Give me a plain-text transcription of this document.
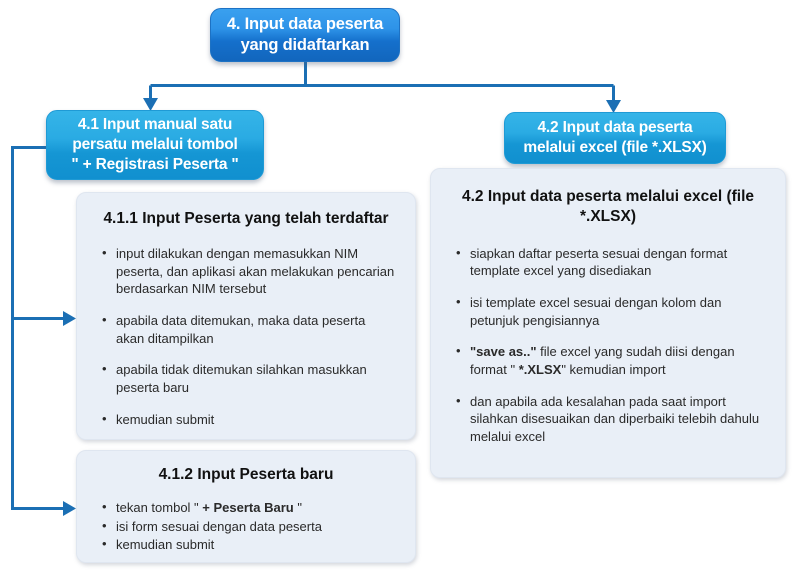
4. Input data peserta
yang didaftarkan
4.1 Input manual satu
persatu melalui tombol
" + Registrasi Peserta "
4.2 Input data peserta
melalui excel (file *.XLSX)
4.1.1 Input Peserta yang telah terdaftar
• input dilakukan dengan memasukkan NIM peserta, dan aplikasi akan melakukan pencarian berdasarkan NIM tersebut
• apabila data ditemukan, maka data peserta akan ditampilkan
• apabila tidak ditemukan silahkan masukkan peserta baru
• kemudian submit
4.1.2 Input Peserta baru
• tekan tombol " + Peserta Baru "
• isi form sesuai dengan data peserta
• kemudian submit
4.2 Input data peserta melalui excel (file *.XLSX)
• siapkan daftar peserta sesuai dengan format template excel yang disediakan
• isi template excel sesuai dengan kolom dan petunjuk pengisiannya
• "save as.." file excel yang sudah diisi dengan format " *.XLSX" kemudian import
• dan apabila ada kesalahan pada saat import silahkan disesuaikan dan diperbaiki telebih dahulu melalui excel
